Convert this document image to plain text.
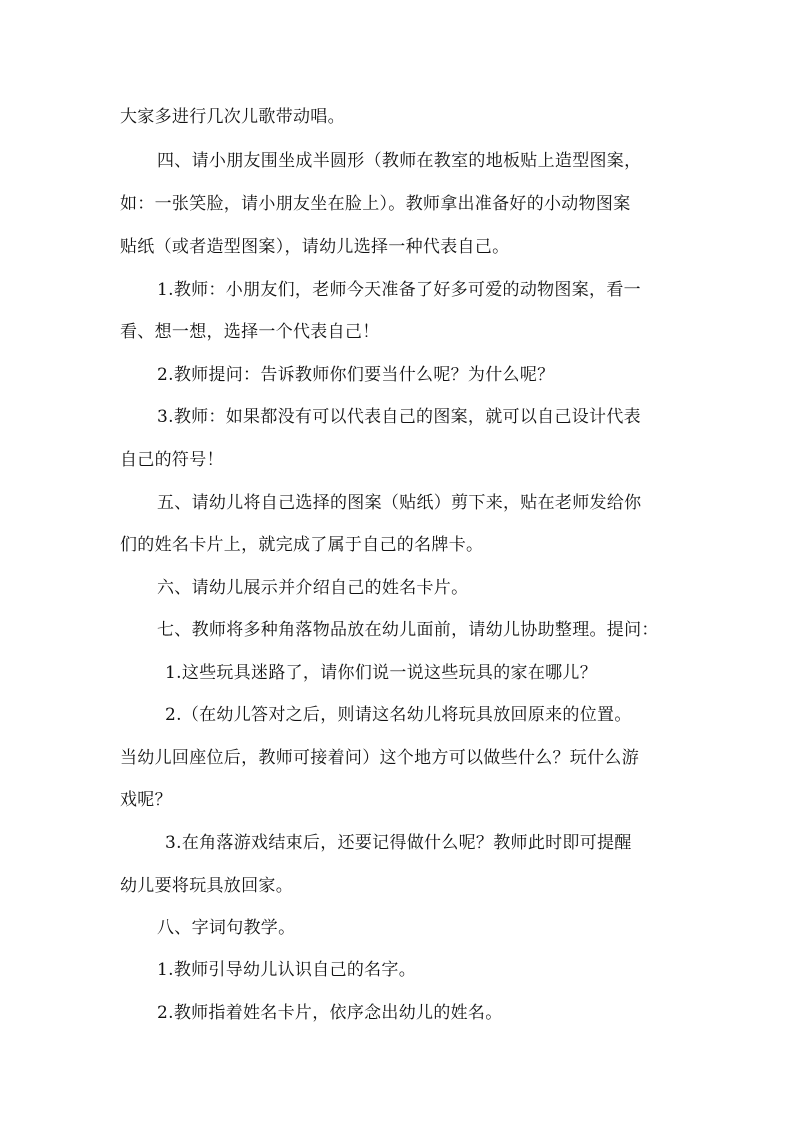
大家多进行几次儿歌带动唱。
四、请小朋友围坐成半圆形（教师在教室的地板贴上造型图案，
如：一张笑脸，请小朋友坐在脸上）。教师拿出准备好的小动物图案
贴纸（或者造型图案），请幼儿选择一种代表自己。
1.教师：小朋友们，老师今天准备了好多可爱的动物图案，看一
看、想一想，选择一个代表自己！
2.教师提问：告诉教师你们要当什么呢？为什么呢？
3.教师：如果都没有可以代表自己的图案，就可以自己设计代表
自己的符号！
五、请幼儿将自己选择的图案（贴纸）剪下来，贴在老师发给你
们的姓名卡片上，就完成了属于自己的名牌卡。
六、请幼儿展示并介绍自己的姓名卡片。
七、教师将多种角落物品放在幼儿面前，请幼儿协助整理。提问：
1.这些玩具迷路了，请你们说一说这些玩具的家在哪儿？
2.（在幼儿答对之后，则请这名幼儿将玩具放回原来的位置。
当幼儿回座位后，教师可接着问）这个地方可以做些什么？玩什么游
戏呢？
3.在角落游戏结束后，还要记得做什么呢？教师此时即可提醒
幼儿要将玩具放回家。
八、字词句教学。
1.教师引导幼儿认识自己的名字。
2.教师指着姓名卡片，依序念出幼儿的姓名。
